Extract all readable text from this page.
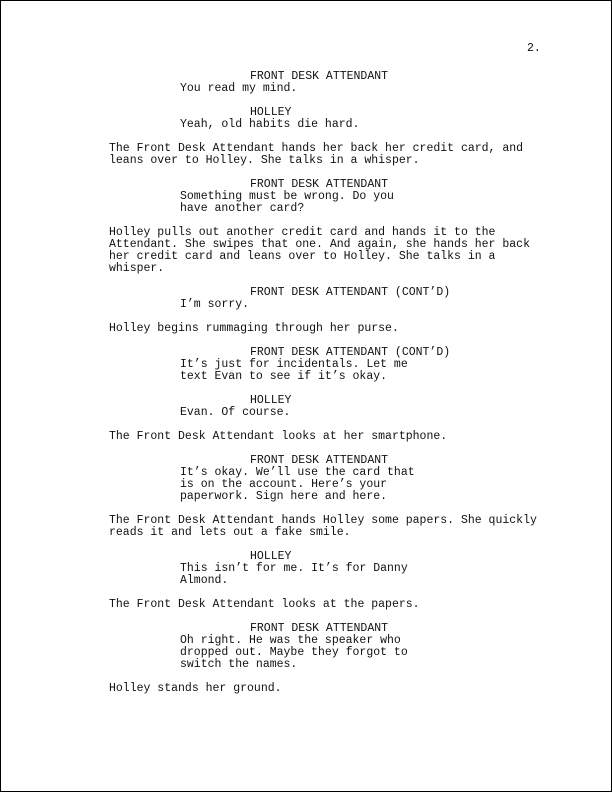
2.
FRONT DESK ATTENDANT
You read my mind.
HOLLEY
Yeah, old habits die hard.
The Front Desk Attendant hands her back her credit card, and
leans over to Holley. She talks in a whisper.
FRONT DESK ATTENDANT
Something must be wrong. Do you
have another card?
Holley pulls out another credit card and hands it to the
Attendant. She swipes that one. And again, she hands her back
her credit card and leans over to Holley. She talks in a
whisper.
FRONT DESK ATTENDANT (CONT’D)
I’m sorry.
Holley begins rummaging through her purse.
FRONT DESK ATTENDANT (CONT’D)
It’s just for incidentals. Let me
text Evan to see if it’s okay.
HOLLEY
Evan. Of course.
The Front Desk Attendant looks at her smartphone.
FRONT DESK ATTENDANT
It’s okay. We’ll use the card that
is on the account. Here’s your
paperwork. Sign here and here.
The Front Desk Attendant hands Holley some papers. She quickly
reads it and lets out a fake smile.
HOLLEY
This isn’t for me. It’s for Danny
Almond.
The Front Desk Attendant looks at the papers.
FRONT DESK ATTENDANT
Oh right. He was the speaker who
dropped out. Maybe they forgot to
switch the names.
Holley stands her ground.
